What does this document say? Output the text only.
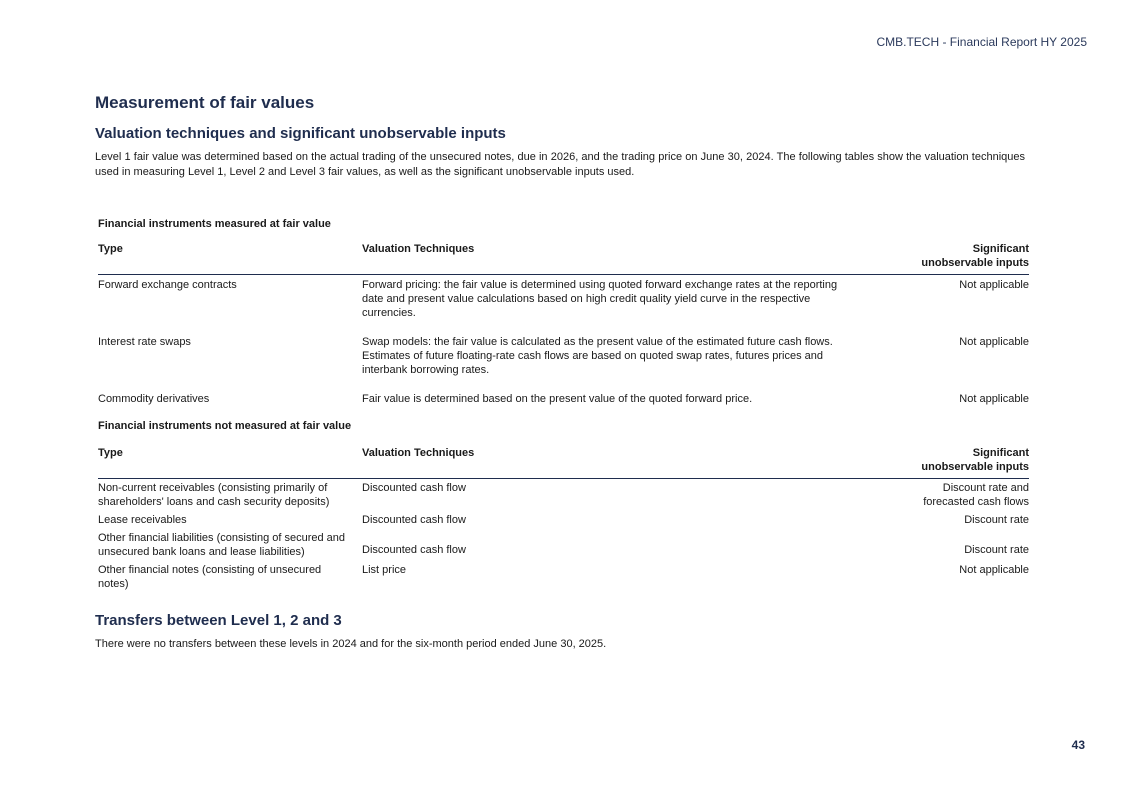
CMB.TECH - Financial Report HY 2025
Measurement of fair values
Valuation techniques and significant unobservable inputs

Level 1 fair value was determined based on the actual trading of the unsecured notes, due in 2026, and the trading price on June 30, 2024. The following tables show the valuation techniques used in measuring Level 1, Level 2 and Level 3 fair values, as well as the significant unobservable inputs used.

Financial instruments measured at fair value
Type	Valuation Techniques	Significant
unobservable inputs
Forward exchange contracts	Forward pricing: the fair value is determined using quoted forward exchange rates at the reporting date and present value calculations based on high credit quality yield curve in the respective currencies.	Not applicable
Interest rate swaps	Swap models: the fair value is calculated as the present value of the estimated future cash flows. Estimates of future floating-rate cash flows are based on quoted swap rates, futures prices and interbank borrowing rates.	Not applicable
Commodity derivatives	Fair value is determined based on the present value of the quoted forward price.	Not applicable
Financial instruments not measured at fair value
Type	Valuation Techniques	Significant
unobservable inputs
Non-current receivables (consisting primarily of shareholders' loans and cash security deposits)	Discounted cash flow	Discount rate and
forecasted cash flows
Lease receivables	Discounted cash flow	Discount rate
Other financial liabilities (consisting of secured and unsecured bank loans and lease liabilities)	Discounted cash flow	Discount rate
Other financial notes (consisting of unsecured notes)	List price	Not applicable
Transfers between Level 1, 2 and 3

There were no transfers between these levels in 2024 and for the six-month period ended June 30, 2025.

43
